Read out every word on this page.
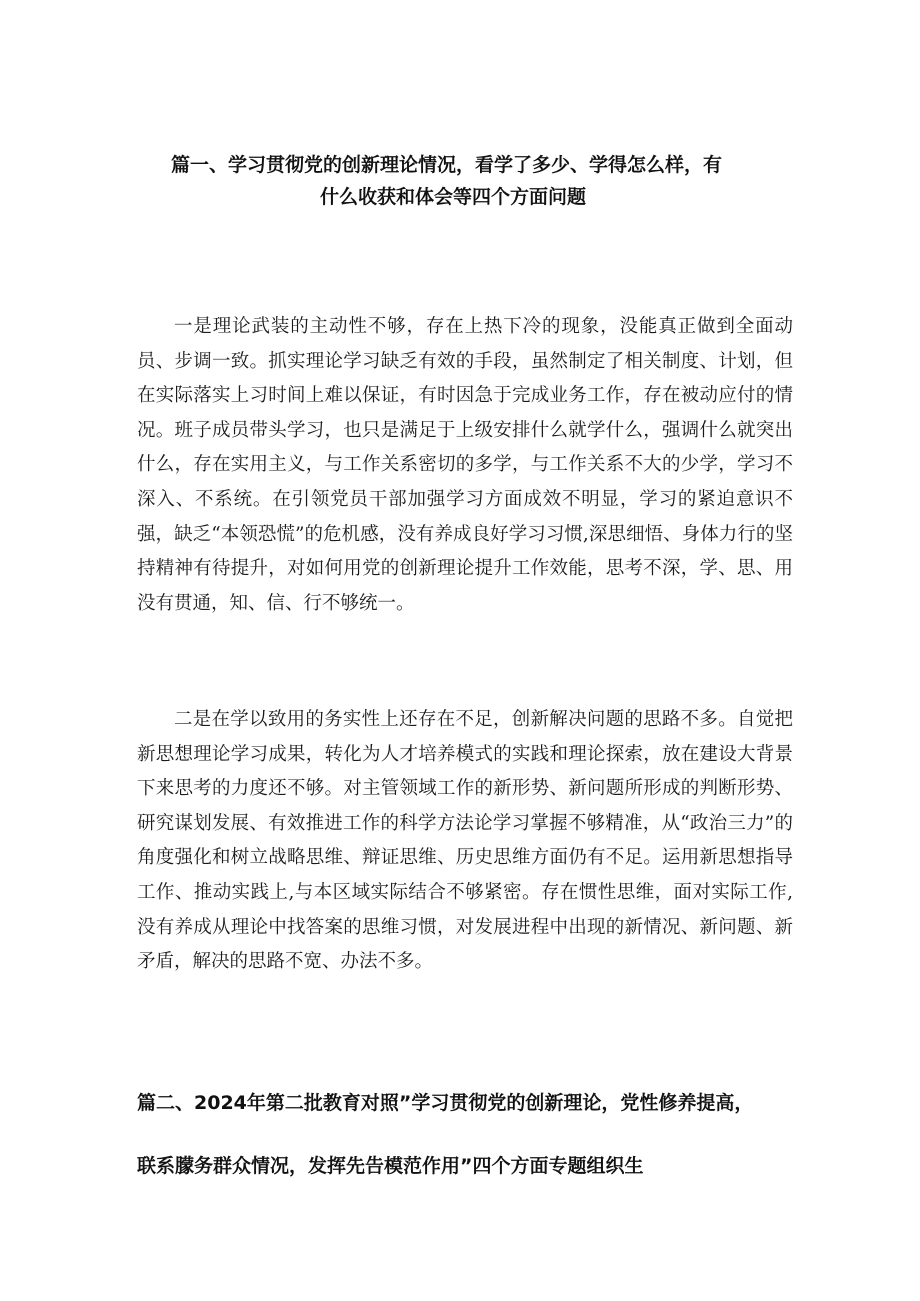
篇一、学习贯彻党的创新理论情况，看学了多少、学得怎么样，有
什么收获和体会等四个方面问题

一是理论武装的主动性不够，存在上热下冷的现象，没能真正做到全面动员、步调一致。抓实理论学习缺乏有效的手段，虽然制定了相关制度、计划，但在实际落实上习时间上难以保证，有时因急于完成业务工作，存在被动应付的情况。班子成员带头学习，也只是满足于上级安排什么就学什么，强调什么就突出什么，存在实用主义，与工作关系密切的多学，与工作关系不大的少学，学习不深入、不系统。在引领党员干部加强学习方面成效不明显，学习的紧迫意识不强，缺乏“本领恐慌”的危机感，没有养成良好学习习惯,深思细悟、身体力行的坚持精神有待提升，对如何用党的创新理论提升工作效能，思考不深，学、思、用没有贯通，知、信、行不够统一。

二是在学以致用的务实性上还存在不足，创新解决问题的思路不多。自觉把新思想理论学习成果，转化为人才培养模式的实践和理论探索，放在建设大背景下来思考的力度还不够。对主管领域工作的新形势、新问题所形成的判断形势、研究谋划发展、有效推进工作的科学方法论学习掌握不够精准，从“政治三力”的角度强化和树立战略思维、辩证思维、历史思维方面仍有不足。运用新思想指导工作、推动实践上,与本区域实际结合不够紧密。存在惯性思维，面对实际工作,没有养成从理论中找答案的思维习惯，对发展进程中出现的新情况、新问题、新矛盾，解决的思路不宽、办法不多。

篇二、2024年第二批教育对照”学习贯彻党的创新理论，党性修养提高，
联系朦务群众情况，发挥先告模范作用”四个方面专题组织生
